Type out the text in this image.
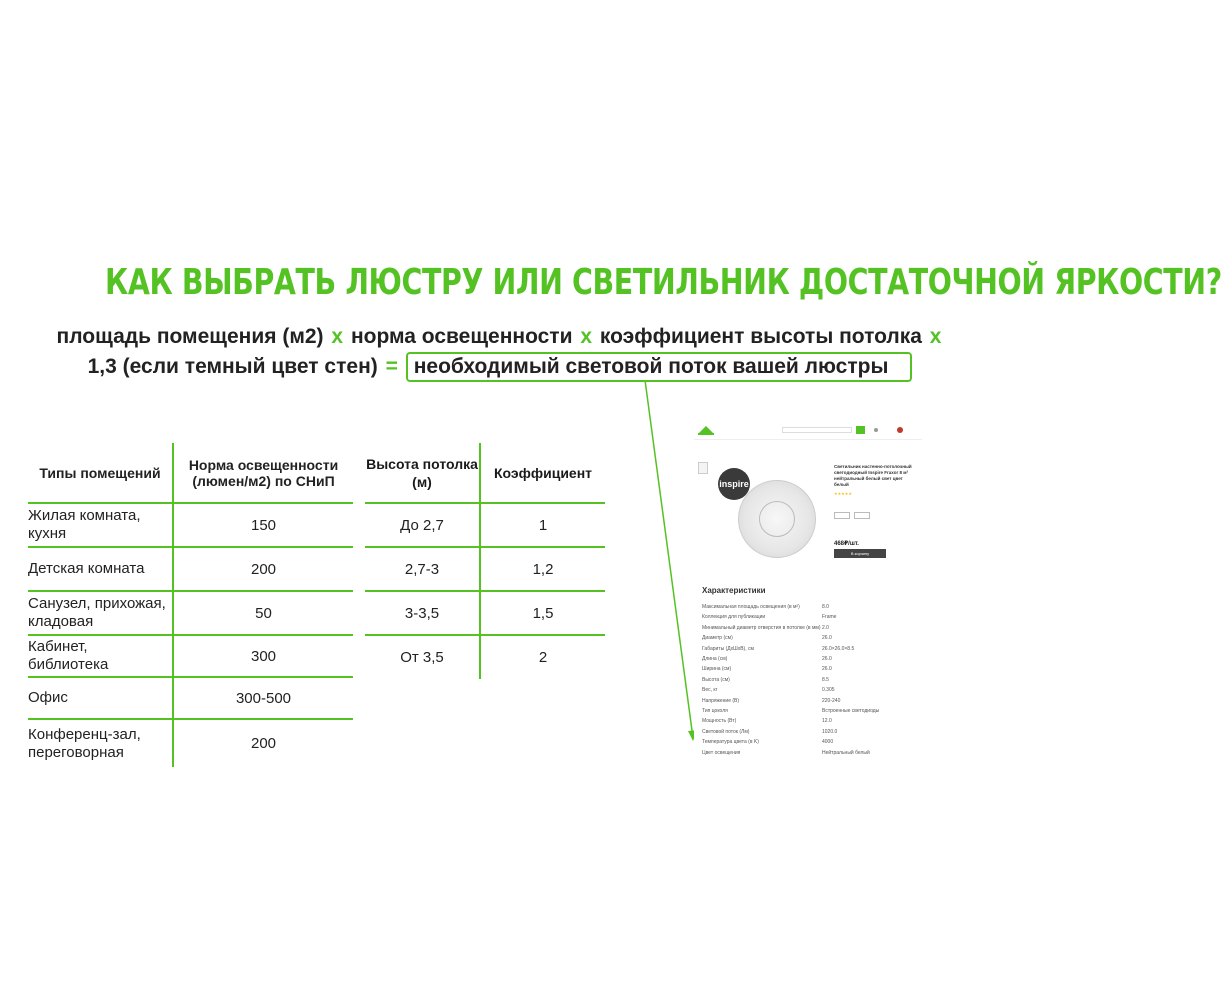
КАК ВЫБРАТЬ ЛЮСТРУ ИЛИ СВЕТИЛЬНИК ДОСТАТОЧНОЙ ЯРКОСТИ?
площадь помещения (м2) x норма освещенности x коэффициент высоты потолка x
1,3 (если темный цвет стен) = необходимый световой поток вашей люстры
Типы помещений	Норма освещенности (люмен/м2) по СНиП
Жилая комната, кухня	150
Детская комната	200
Санузел, прихожая, кладовая	50
Кабинет, библиотека	300
Офис	300-500
Конференц-зал, переговорная	200
Высота потолка (м)	Коэффициент
До 2,7	1
2,7-3	1,2
3-3,5	1,5
От 3,5	2
inspire
Светильник настенно-потолочный светодиодный Inspire Fraxor 8 м² нейтральный белый свет цвет белый
★★★★★
468₽/шт.
В корзину
Характеристики
Максимальная площадь освещения (в м²)	8.0
Коллекция для публикации	Frame
Минимальный диаметр отверстия в потолке (в мм) 2.0
Диаметр (см)	26.0
Габариты (ДхШхВ), см	26.0×26.0×8.5
Длина (см)	26.0
Ширина (см)	26.0
Высота (см)	8.5
Вес, кг	0.305
Напряжение (В)	220-240
Тип цоколя	Встроенные светодиоды
Мощность (Вт)	12.0
Световой поток (Лм)	1020.0
Температура цвета (в K)	4000
Цвет освещения	Нейтральный белый
